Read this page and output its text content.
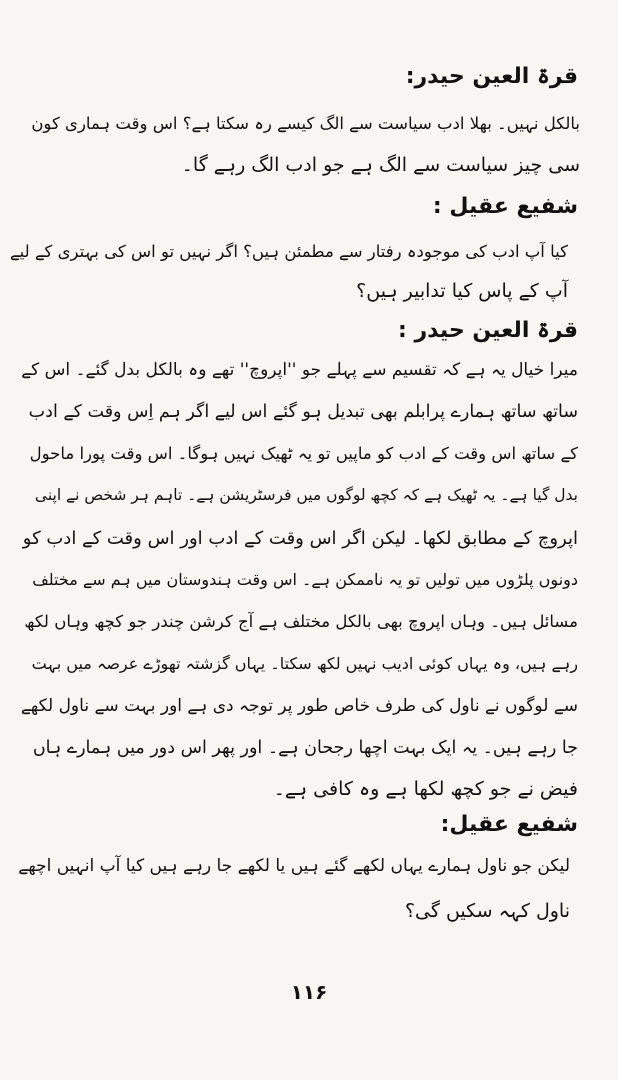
قرۃ العین حیدر:
بالکل نہیں۔ بھلا ادب سیاست سے الگ کیسے رہ سکتا ہے؟ اس وقت ہماری کون
سی چیز سیاست سے الگ ہے جو ادب الگ رہے گا۔
شفیع عقیل :
کیا آپ ادب کی موجودہ رفتار سے مطمئن ہیں؟ اگر نہیں تو اس کی بہتری کے لیے
آپ کے پاس کیا تدابیر ہیں؟
قرۃ العین حیدر :
میرا خیال یہ ہے کہ تقسیم سے پہلے جو ''اپروچ'' تھے وہ بالکل بدل گئے۔ اس کے
ساتھ ساتھ ہمارے پرابلم بھی تبدیل ہو گئے اس لیے اگر ہم اِس وقت کے ادب
کے ساتھ اس وقت کے ادب کو ماپیں تو یہ ٹھیک نہیں ہوگا۔ اس وقت پورا ماحول
بدل گیا ہے۔ یہ ٹھیک ہے کہ کچھ لوگوں میں فرسٹریشن ہے۔ تاہم ہر شخص نے اپنی
اپروچ کے مطابق لکھا۔ لیکن اگر اس وقت کے ادب اور اس وقت کے ادب کو
دونوں پلڑوں میں تولیں تو یہ ناممکن ہے۔ اس وقت ہندوستان میں ہم سے مختلف
مسائل ہیں۔ وہاں اپروچ بھی بالکل مختلف ہے آج کرشن چندر جو کچھ وہاں لکھ
رہے ہیں، وہ یہاں کوئی ادیب نہیں لکھ سکتا۔ یہاں گزشتہ تھوڑے عرصہ میں بہت
سے لوگوں نے ناول کی طرف خاص طور پر توجہ دی ہے اور بہت سے ناول لکھے
جا رہے ہیں۔ یہ ایک بہت اچھا رجحان ہے۔ اور پھر اس دور میں ہمارے ہاں
فیض نے جو کچھ لکھا ہے وہ کافی ہے۔
شفیع عقیل:
لیکن جو ناول ہمارے یہاں لکھے گئے ہیں یا لکھے جا رہے ہیں کیا آپ انہیں اچھے
ناول کہہ سکیں گی؟
۱۱۶
